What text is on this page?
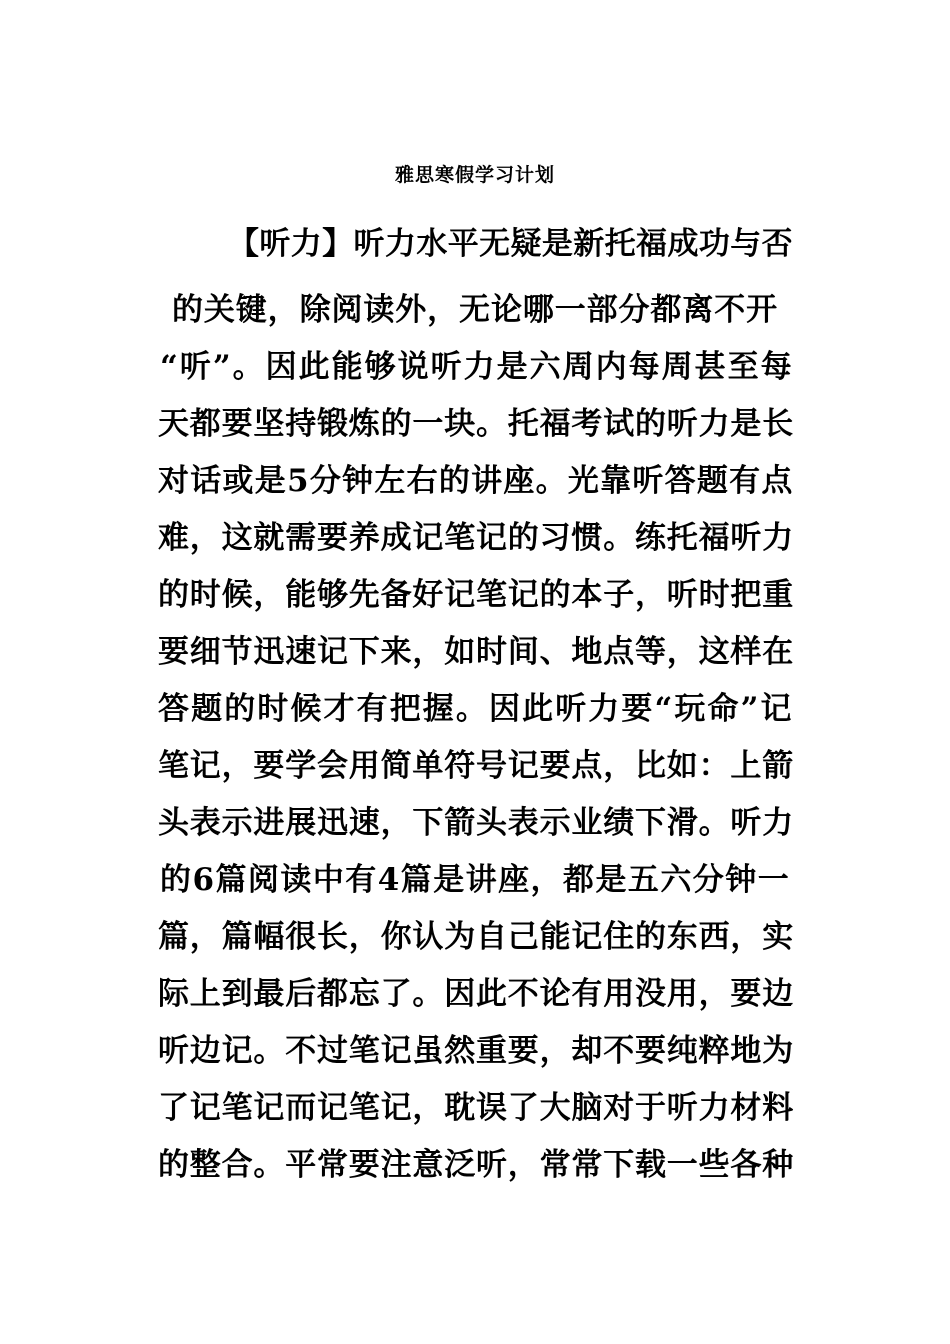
雅思寒假学习计划
【听力】听力水平无疑是新托福成功与否
的关键，除阅读外，无论哪一部分都离不开
“听”。因此能够说听力是六周内每周甚至每
天都要坚持锻炼的一块。托福考试的听力是长
对话或是5分钟左右的讲座。光靠听答题有点
难，这就需要养成记笔记的习惯。练托福听力
的时候，能够先备好记笔记的本子，听时把重
要细节迅速记下来，如时间、地点等，这样在
答题的时候才有把握。因此听力要“玩命”记
笔记，要学会用简单符号记要点，比如：上箭
头表示进展迅速，下箭头表示业绩下滑。听力
的6篇阅读中有4篇是讲座，都是五六分钟一
篇，篇幅很长，你认为自己能记住的东西，实
际上到最后都忘了。因此不论有用没用，要边
听边记。不过笔记虽然重要，却不要纯粹地为
了记笔记而记笔记，耽误了大脑对于听力材料
的整合。平常要注意泛听，常常下载一些各种
